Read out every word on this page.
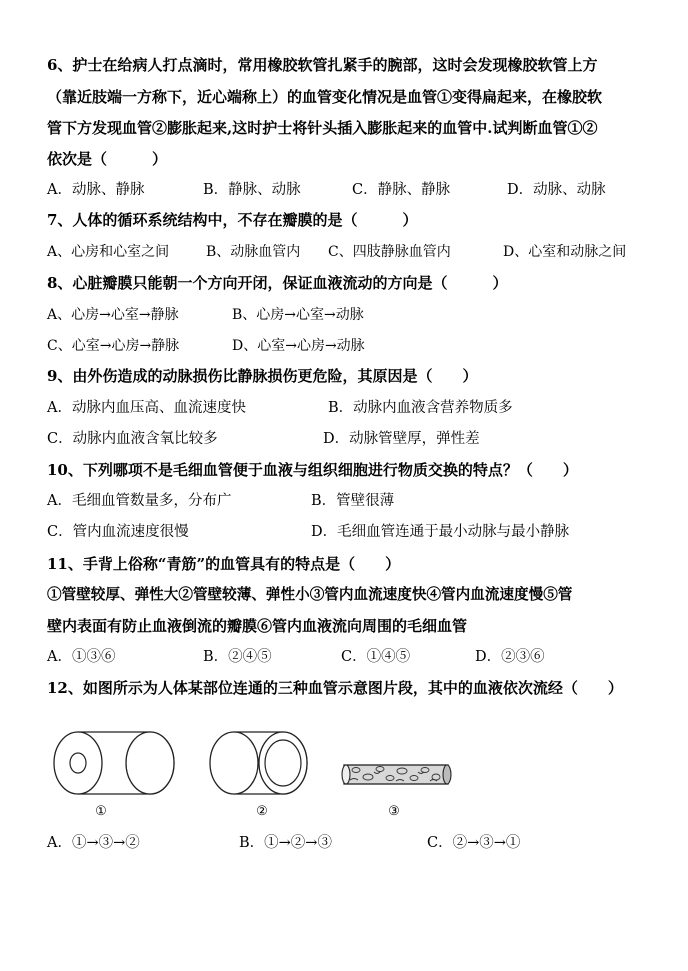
6、护士在给病人打点滴时，常用橡胶软管扎紧手的腕部，这时会发现橡胶软管上方
（靠近肢端一方称下，近心端称上）的血管变化情况是血管①变得扁起来，在橡胶软
管下方发现血管②膨胀起来,这时护士将针头插入膨胀起来的血管中.试判断血管①②
依次是（　　　）
A．动脉、静脉	B．静脉、动脉	C．静脉、静脉	D．动脉、动脉
7、人体的循环系统结构中，不存在瓣膜的是（　　　）
A、心房和心室之间	B、动脉血管内 C、四肢静脉血管内	D、心室和动脉之间
8、心脏瓣膜只能朝一个方向开闭，保证血液流动的方向是（　　　）
A、心房→心室→静脉	B、心房→心室→动脉
C、心室→心房→静脉	D、心室→心房→动脉
9、由外伤造成的动脉损伤比静脉损伤更危险，其原因是（　　）
A．动脉内血压高、血流速度快	B．动脉内血液含营养物质多
C．动脉内血液含氧比较多	D．动脉管壁厚，弹性差
10、下列哪项不是毛细血管便于血液与组织细胞进行物质交换的特点？（　　）
A．毛细血管数量多，分布广	B．管壁很薄
C．管内血流速度很慢	D．毛细血管连通于最小动脉与最小静脉
11、手背上俗称“青筋”的血管具有的特点是（　　）
①管壁较厚、弹性大②管壁较薄、弹性小③管内血流速度快④管内血流速度慢⑤管
壁内表面有防止血液倒流的瓣膜⑥管内血液流向周围的毛细血管
A．①③⑥	B．②④⑤	C．①④⑤	D．②③⑥
12、如图所示为人体某部位连通的三种血管示意图片段，其中的血液依次流经（　　）
①	②	③
A．①→③→②	B．①→②→③	C．②→③→①
